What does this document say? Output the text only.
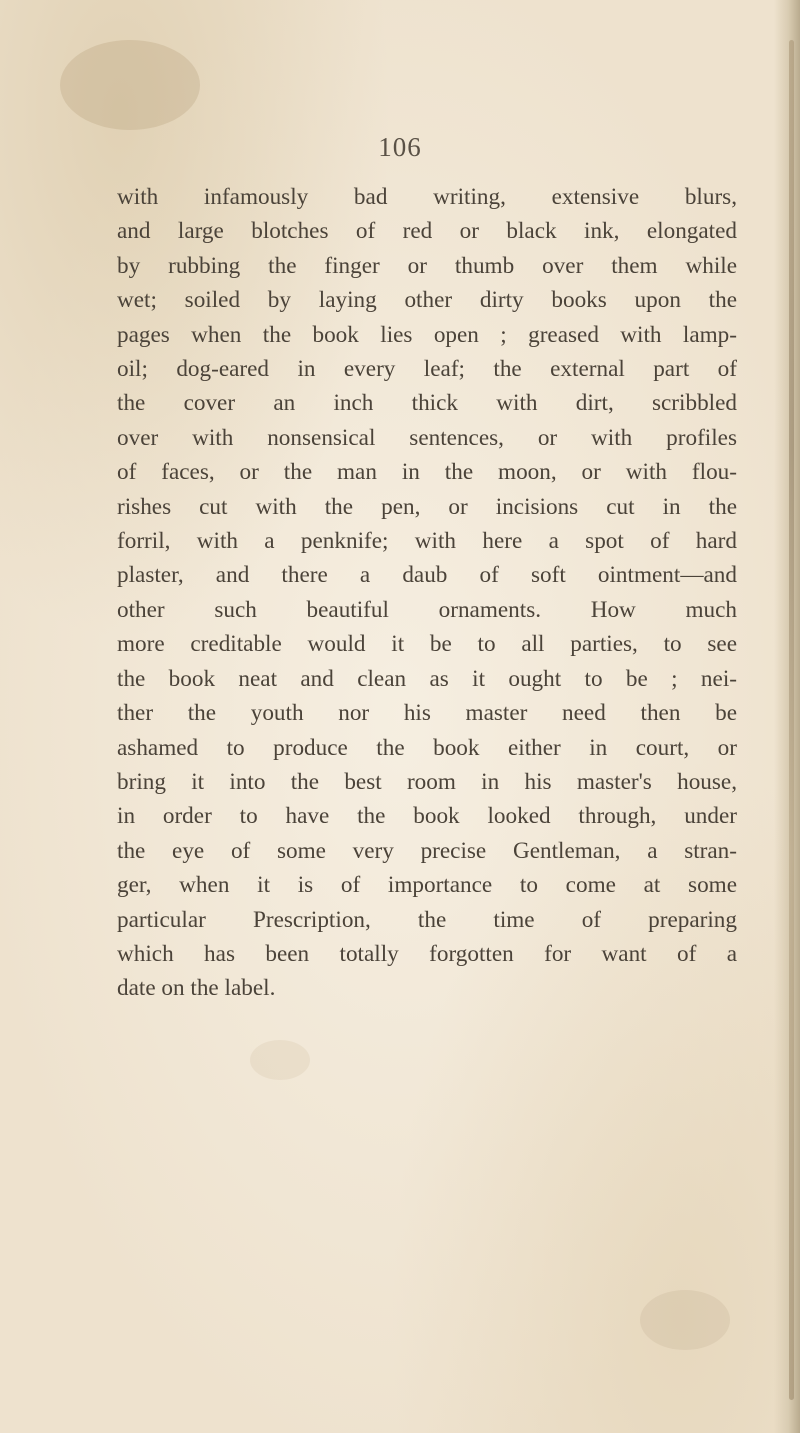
106
with infamously bad writing, extensive blurs,
and large blotches of red or black ink, elongated
by rubbing the finger or thumb over them while
wet; soiled by laying other dirty books upon the
pages when the book lies open ; greased with lamp-
oil; dog-eared in every leaf; the external part of
the cover an inch thick with dirt, scribbled
over with nonsensical sentences, or with profiles
of faces, or the man in the moon, or with flou-
rishes cut with the pen, or incisions cut in the
forril, with a penknife; with here a spot of hard
plaster, and there a daub of soft ointment—and
other such beautiful ornaments. How much
more creditable would it be to all parties, to see
the book neat and clean as it ought to be ; nei-
ther the youth nor his master need then be
ashamed to produce the book either in court, or
bring it into the best room in his master's house,
in order to have the book looked through, under
the eye of some very precise Gentleman, a stran-
ger, when it is of importance to come at some
particular Prescription, the time of preparing
which has been totally forgotten for want of a
date on the label.
